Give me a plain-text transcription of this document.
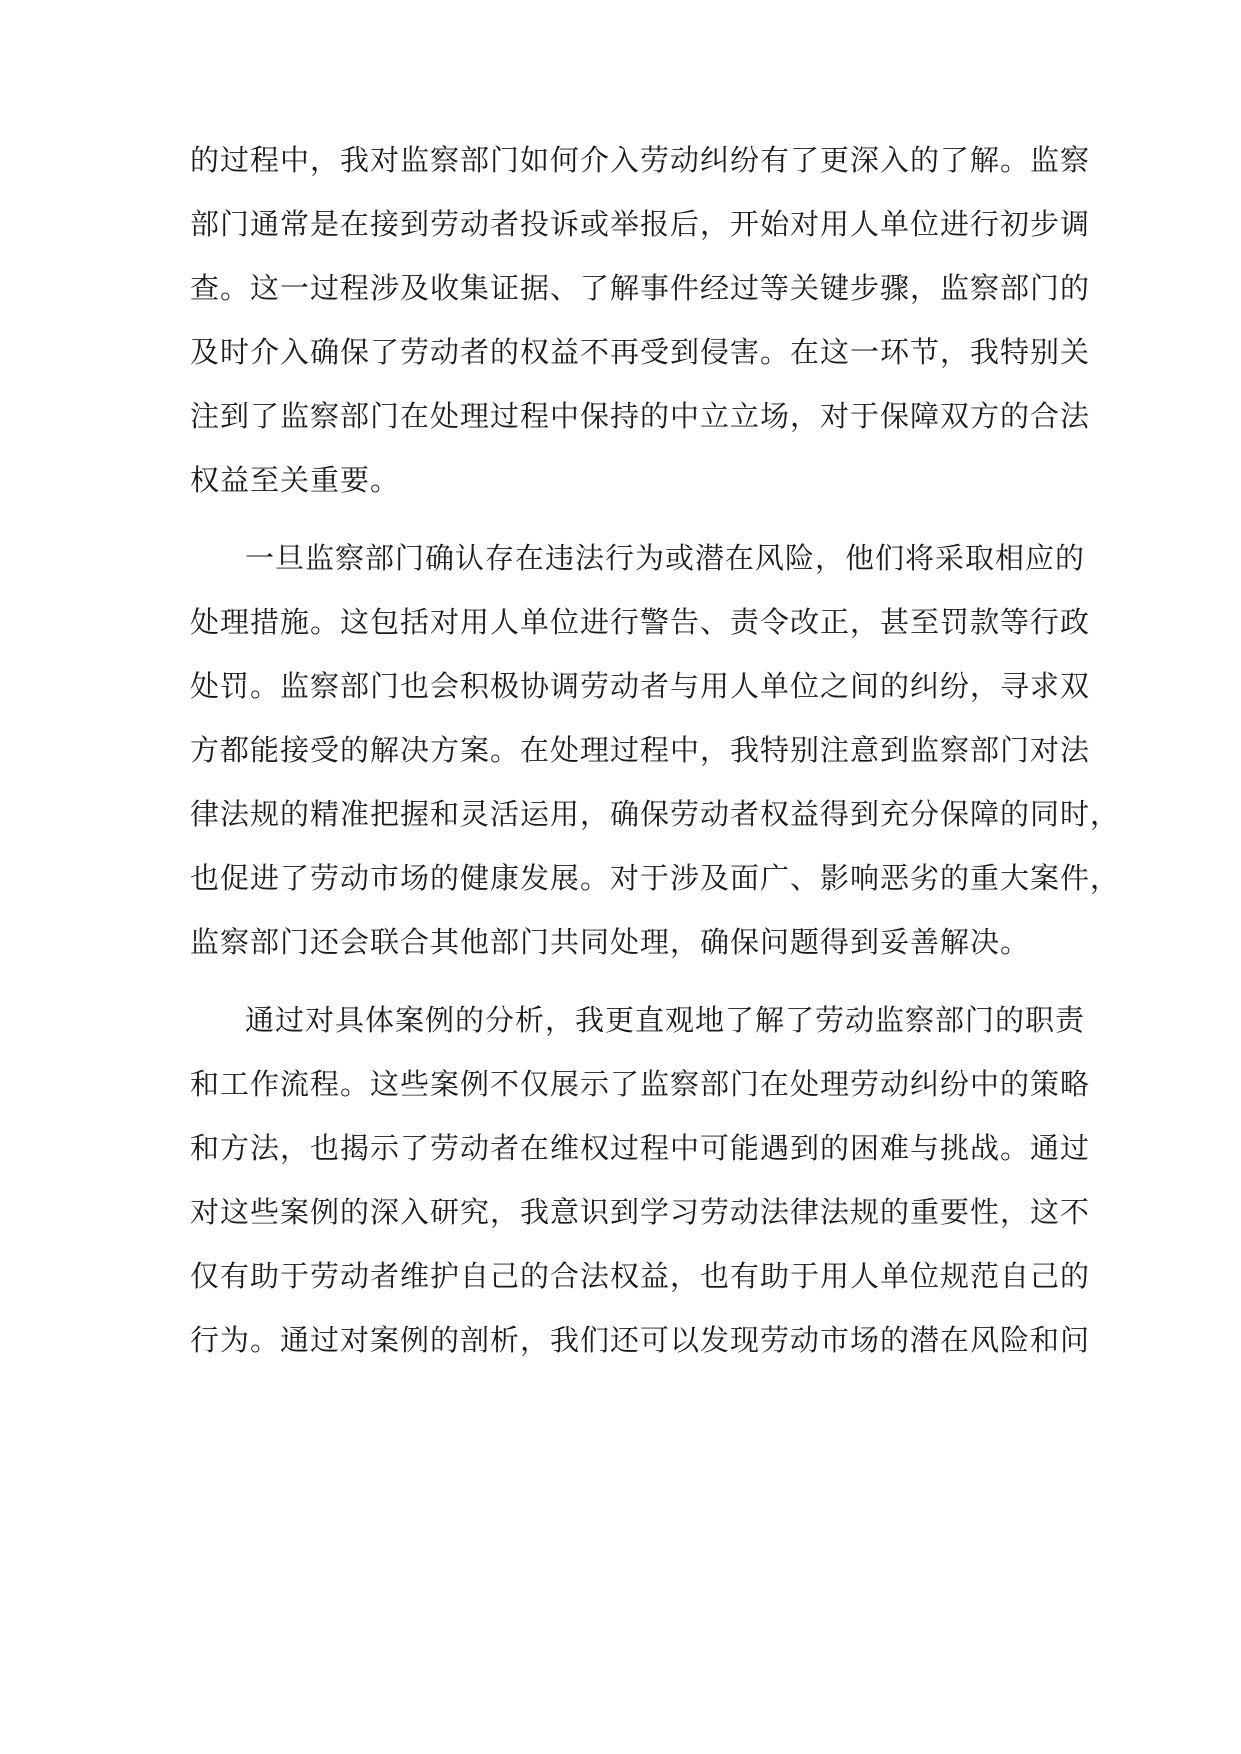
的过程中，我对监察部门如何介入劳动纠纷有了更深入的了解。监察
部门通常是在接到劳动者投诉或举报后，开始对用人单位进行初步调
查。这一过程涉及收集证据、了解事件经过等关键步骤，监察部门的
及时介入确保了劳动者的权益不再受到侵害。在这一环节，我特别关
注到了监察部门在处理过程中保持的中立立场，对于保障双方的合法
权益至关重要。
一旦监察部门确认存在违法行为或潜在风险，他们将采取相应的
处理措施。这包括对用人单位进行警告、责令改正，甚至罚款等行政
处罚。监察部门也会积极协调劳动者与用人单位之间的纠纷，寻求双
方都能接受的解决方案。在处理过程中，我特别注意到监察部门对法
律法规的精准把握和灵活运用，确保劳动者权益得到充分保障的同时，
也促进了劳动市场的健康发展。对于涉及面广、影响恶劣的重大案件，
监察部门还会联合其他部门共同处理，确保问题得到妥善解决。
通过对具体案例的分析，我更直观地了解了劳动监察部门的职责
和工作流程。这些案例不仅展示了监察部门在处理劳动纠纷中的策略
和方法，也揭示了劳动者在维权过程中可能遇到的困难与挑战。通过
对这些案例的深入研究，我意识到学习劳动法律法规的重要性，这不
仅有助于劳动者维护自己的合法权益，也有助于用人单位规范自己的
行为。通过对案例的剖析，我们还可以发现劳动市场的潜在风险和问
